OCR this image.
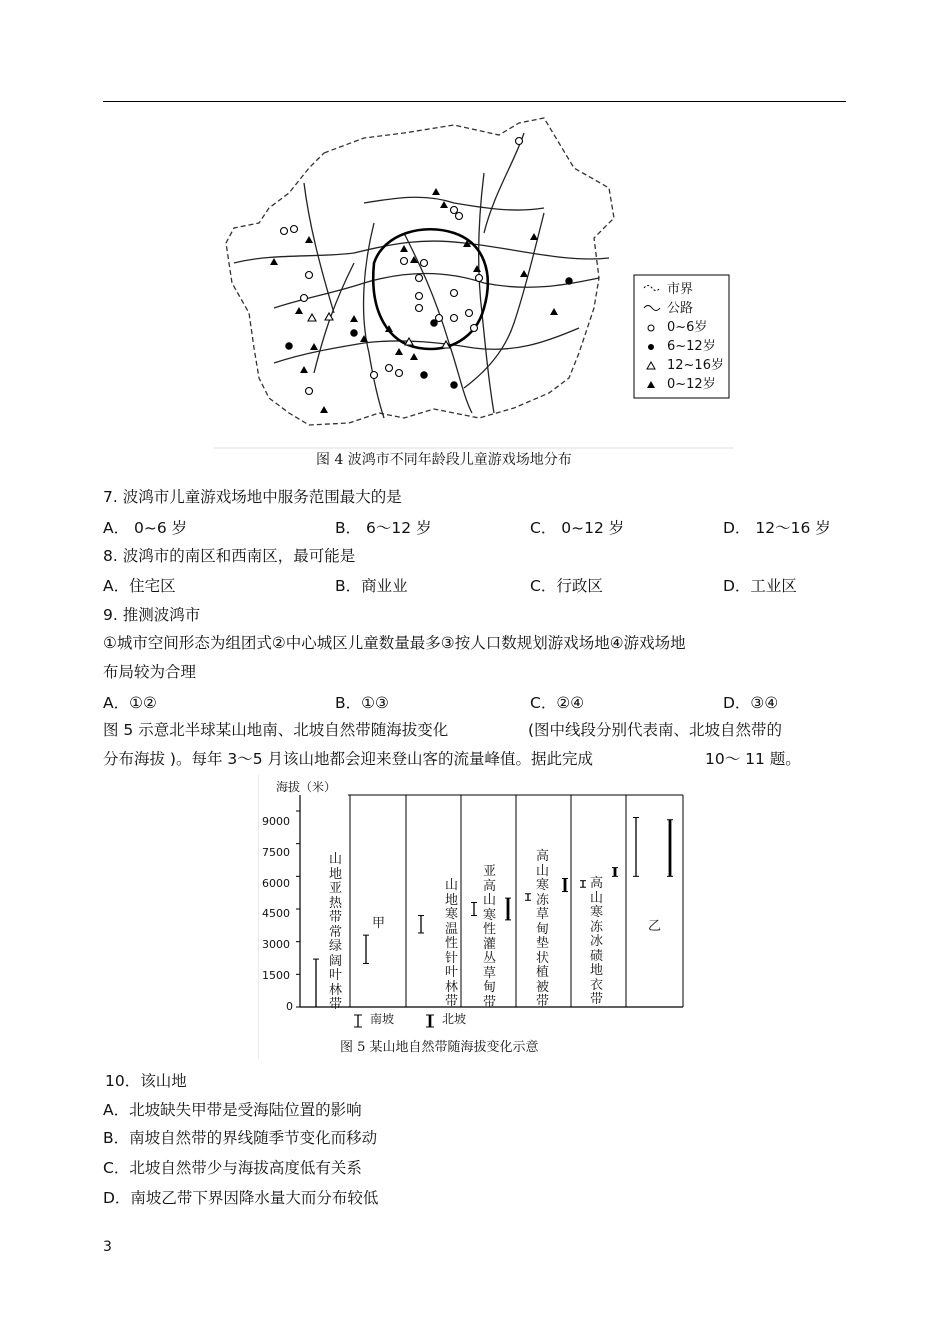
市界
公路
0~6岁
6~12岁
12~16岁
0~12岁
图 4 波鸿市不同年龄段儿童游戏场地分布
7. 波鸿市儿童游戏场地中服务范围最大的是
A． 0~6 岁	B． 6～12 岁	C． 0~12 岁	D． 12～16 岁
8. 波鸿市的南区和西南区，最可能是
A．住宅区	B．商业业	C．行政区	D．工业区
9. 推测波鸿市
①城市空间形态为组团式②中心城区儿童数量最多③按人口数规划游戏场地④游戏场地
布局较为合理
A．①②	B．①③	C．②④	D．③④
图 5 示意北半球某山地南、北坡自然带随海拔变化	(图中线段分别代表南、北坡自然带的
分布海拔 )。每年 3～5 月该山地都会迎来登山客的流量峰值。据此完成	10～ 11 题。
海拔（米）
9000
7500
6000
4500
3000
1500
0
山地亚热带常绿阔叶林带
甲
山地寒温性针叶林带
亚高山寒性灌丛草甸带
高山寒冻草甸垫状植被带
高山寒冻冰碛地衣带
乙
南坡	北坡
图 5 某山地自然带随海拔变化示意
10．该山地
A．北坡缺失甲带是受海陆位置的影响
B．南坡自然带的界线随季节变化而移动
C．北坡自然带少与海拔高度低有关系
D．南坡乙带下界因降水量大而分布较低
3
